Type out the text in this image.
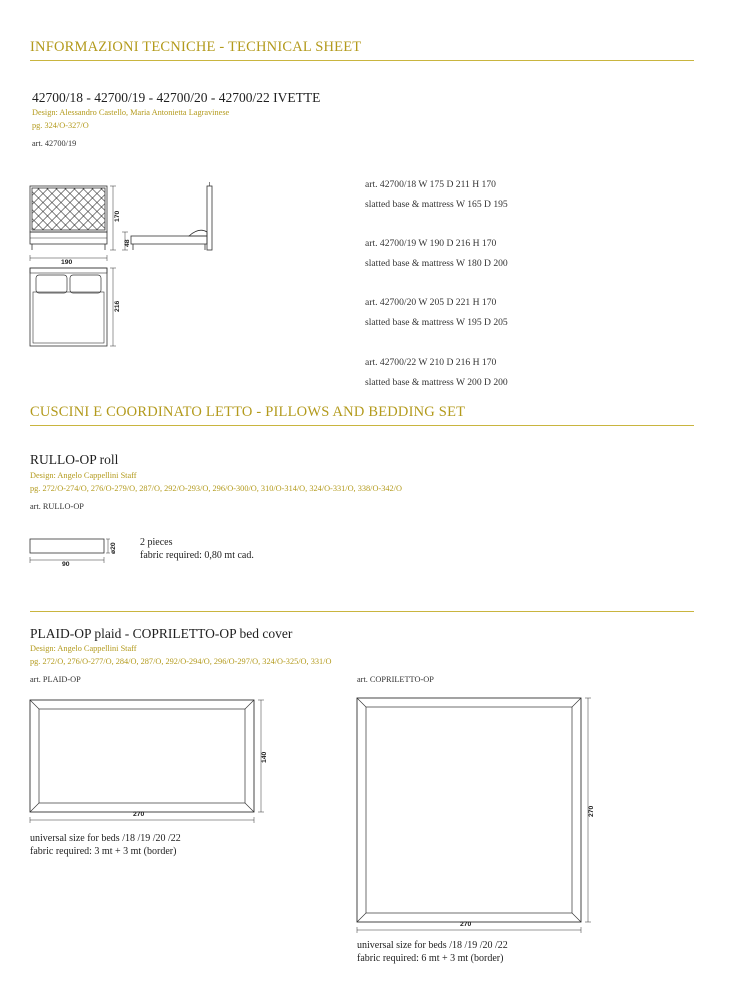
INFORMAZIONI TECNICHE - TECHNICAL SHEET
42700/18 - 42700/19 - 42700/20 - 42700/22 IVETTE
Design: Alessandro Castello, Maria Antonietta Lagravinese
pg. 324/O-327/O
art. 42700/19
170
48
190
216
art. 42700/18 W 175 D 211 H 170
slatted base & mattress W 165 D 195
art. 42700/19 W 190 D 216 H 170
slatted base & mattress W 180 D 200
art. 42700/20 W 205 D 221 H 170
slatted base & mattress W 195 D 205
art. 42700/22 W 210 D 216 H 170
slatted base & mattress W 200 D 200
CUSCINI E COORDINATO LETTO - PILLOWS AND BEDDING SET
RULLO-OP roll
Design: Angelo Cappellini Staff
pg. 272/O-274/O, 276/O-279/O, 287/O, 292/O-293/O, 296/O-300/O, 310/O-314/O, 324/O-331/O, 338/O-342/O
art. RULLO-OP
ø20
90
2 pieces
fabric required: 0,80 mt cad.
PLAID-OP plaid - COPRILETTO-OP bed cover
Design: Angelo Cappellini Staff
pg. 272/O, 276/O-277/O, 284/O, 287/O, 292/O-294/O, 296/O-297/O, 324/O-325/O, 331/O
art. PLAID-OP	art. COPRILETTO-OP
140
270
universal size for beds /18 /19 /20 /22
fabric required: 3 mt + 3 mt (border)
270
270
universal size for beds /18 /19 /20 /22
fabric required: 6 mt + 3 mt (border)
